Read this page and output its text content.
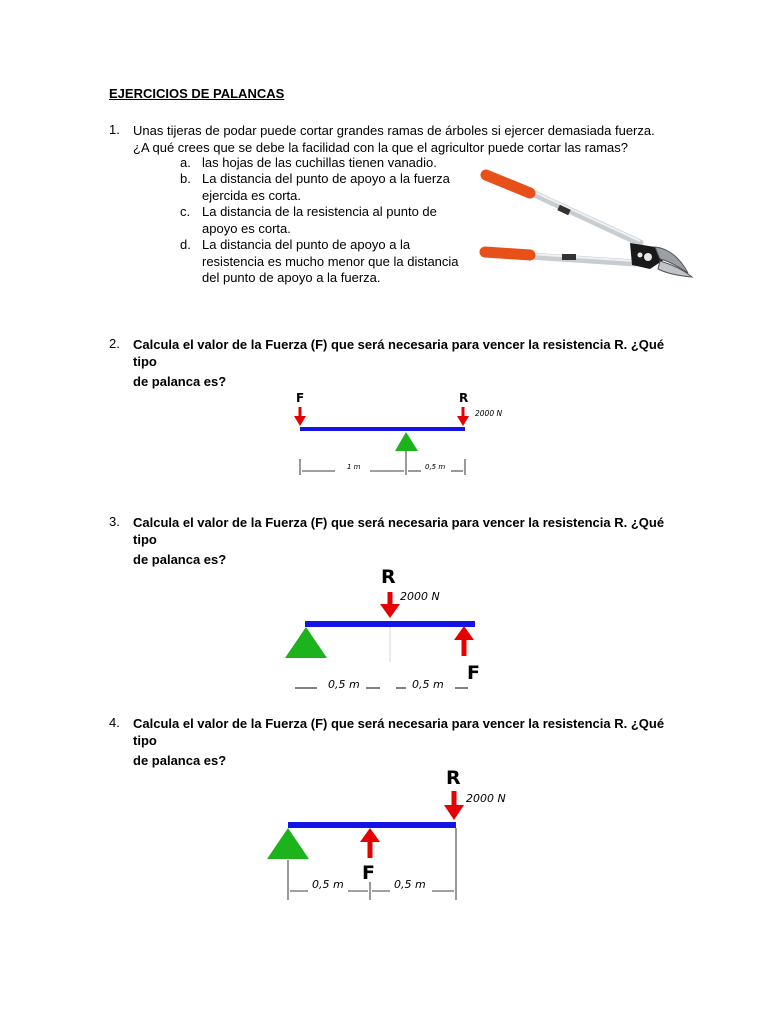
EJERCICIOS DE PALANCAS
1. Unas tijeras de podar puede cortar grandes ramas de árboles si ejercer demasiada fuerza.
¿A qué crees que se debe la facilidad con la que el agricultor puede cortar las ramas?
a. las hojas de las cuchillas tienen vanadio.
b. La distancia del punto de apoyo a la fuerza ejercida es corta.
c. La distancia de la resistencia al punto de apoyo es corta.
d. La distancia del punto de apoyo a la resistencia es mucho menor que la distancia del punto de apoyo a la fuerza.
2. Calcula el valor de la Fuerza (F) que será necesaria para vencer la resistencia R. ¿Qué tipo
de palanca es?
F	R
2000 N
1 m	0,5 m
3. Calcula el valor de la Fuerza (F) que será necesaria para vencer la resistencia R. ¿Qué tipo
de palanca es?
R
2000 N
F
0,5 m	0,5 m
4. Calcula el valor de la Fuerza (F) que será necesaria para vencer la resistencia R. ¿Qué tipo
de palanca es?
R
2000 N
F
0,5 m	0,5 m
